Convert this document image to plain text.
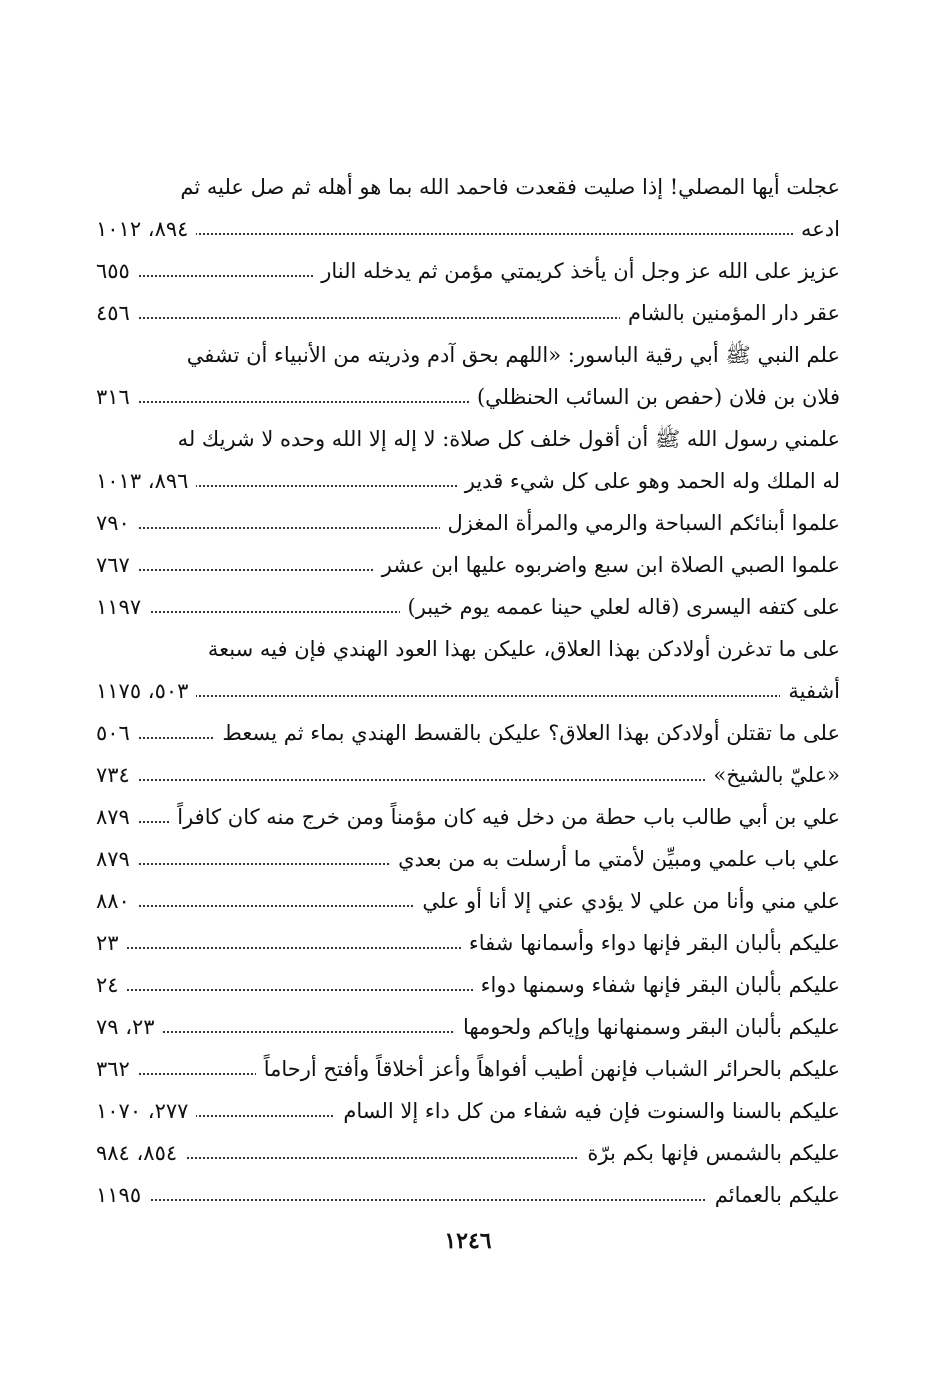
عجلت أيها المصلي! إذا صليت فقعدت فاحمد الله بما هو أهله ثم صل عليه ثم
ادعه
٨٩٤، ١٠١٢
عزيز على الله عز وجل أن يأخذ كريمتي مؤمن ثم يدخله النار
٦٥٥
عقر دار المؤمنين بالشام
٤٥٦
علم النبي ﷺ أبي رقية الباسور: «اللهم بحق آدم وذريته من الأنبياء أن تشفي
فلان بن فلان (حفص بن السائب الحنظلي)
٣١٦
علمني رسول الله ﷺ أن أقول خلف كل صلاة: لا إله إلا الله وحده لا شريك له
له الملك وله الحمد وهو على كل شيء قدير
٨٩٦، ١٠١٣
علموا أبنائكم السباحة والرمي والمرأة المغزل
٧٩٠
علموا الصبي الصلاة ابن سبع واضربوه عليها ابن عشر
٧٦٧
على كتفه اليسرى (قاله لعلي حينا عممه يوم خيبر)
١١٩٧
على ما تدغرن أولادكن بهذا العلاق، عليكن بهذا العود الهندي فإن فيه سبعة
أشفية
٥٠٣، ١١٧٥
على ما تقتلن أولادكن بهذا العلاق؟ عليكن بالقسط الهندي بماء ثم يسعط
٥٠٦
«عليّ بالشيخ»
٧٣٤
علي بن أبي طالب باب حطة من دخل فيه كان مؤمناً ومن خرج منه كان كافراً
٨٧٩
علي باب علمي ومبيِّن لأمتي ما أرسلت به من بعدي
٨٧٩
علي مني وأنا من علي لا يؤدي عني إلا أنا أو علي
٨٨٠
عليكم بألبان البقر فإنها دواء وأسمانها شفاء
٢٣
عليكم بألبان البقر فإنها شفاء وسمنها دواء
٢٤
عليكم بألبان البقر وسمنهانها وإياكم ولحومها
٢٣، ٧٩
عليكم بالحرائر الشباب فإنهن أطيب أفواهاً وأعز أخلاقاً وأفتح أرحاماً
٣٦٢
عليكم بالسنا والسنوت فإن فيه شفاء من كل داء إلا السام
٢٧٧، ١٠٧٠
عليكم بالشمس فإنها بكم برّة
٨٥٤، ٩٨٤
عليكم بالعمائم
١١٩٥
١٢٤٦
